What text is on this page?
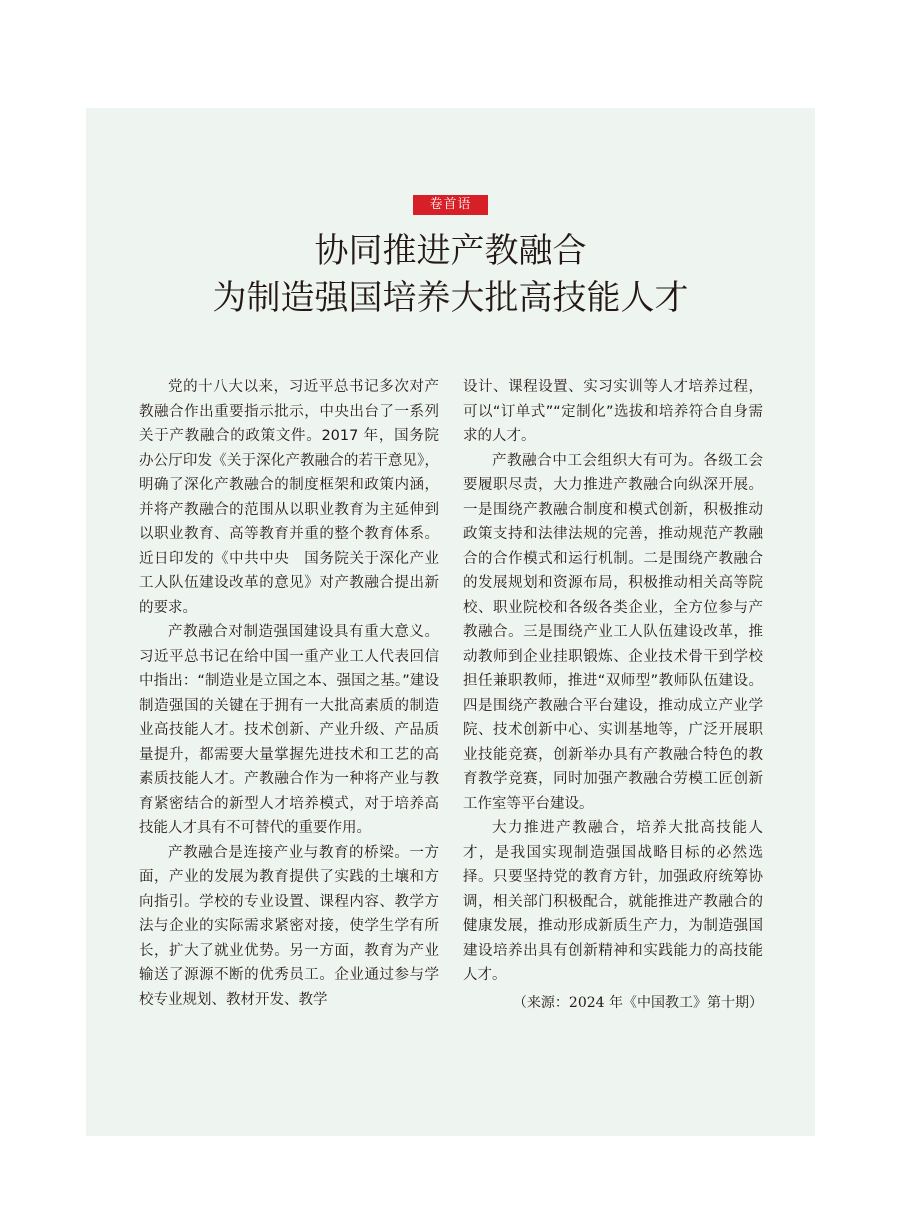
卷首语
协同推进产教融合
为制造强国培养大批高技能人才

党的十八大以来，习近平总书记多次对产教融合作出重要指示批示，中央出台了一系列关于产教融合的政策文件。2017 年，国务院办公厅印发《关于深化产教融合的若干意见》，明确了深化产教融合的制度框架和政策内涵，并将产教融合的范围从以职业教育为主延伸到以职业教育、高等教育并重的整个教育体系。近日印发的《中共中央　国务院关于深化产业工人队伍建设改革的意见》对产教融合提出新的要求。

产教融合对制造强国建设具有重大意义。习近平总书记在给中国一重产业工人代表回信中指出：“制造业是立国之本、强国之基。”建设制造强国的关键在于拥有一大批高素质的制造业高技能人才。技术创新、产业升级、产品质量提升，都需要大量掌握先进技术和工艺的高素质技能人才。产教融合作为一种将产业与教育紧密结合的新型人才培养模式，对于培养高技能人才具有不可替代的重要作用。

产教融合是连接产业与教育的桥梁。一方面，产业的发展为教育提供了实践的土壤和方向指引。学校的专业设置、课程内容、教学方法与企业的实际需求紧密对接，使学生学有所长，扩大了就业优势。另一方面，教育为产业输送了源源不断的优秀员工。企业通过参与学校专业规划、教材开发、教学

设计、课程设置、实习实训等人才培养过程，可以“订单式”“定制化”选拔和培养符合自身需求的人才。

产教融合中工会组织大有可为。各级工会要履职尽责，大力推进产教融合向纵深开展。一是围绕产教融合制度和模式创新，积极推动政策支持和法律法规的完善，推动规范产教融合的合作模式和运行机制。二是围绕产教融合的发展规划和资源布局，积极推动相关高等院校、职业院校和各级各类企业，全方位参与产教融合。三是围绕产业工人队伍建设改革，推动教师到企业挂职锻炼、企业技术骨干到学校担任兼职教师，推进“双师型”教师队伍建设。四是围绕产教融合平台建设，推动成立产业学院、技术创新中心、实训基地等，广泛开展职业技能竞赛，创新举办具有产教融合特色的教育教学竞赛，同时加强产教融合劳模工匠创新工作室等平台建设。

大力推进产教融合，培养大批高技能人才，是我国实现制造强国战略目标的必然选择。只要坚持党的教育方针，加强政府统筹协调，相关部门积极配合，就能推进产教融合的健康发展，推动形成新质生产力，为制造强国建设培养出具有创新精神和实践能力的高技能人才。

（来源：2024 年《中国教工》第十期）
